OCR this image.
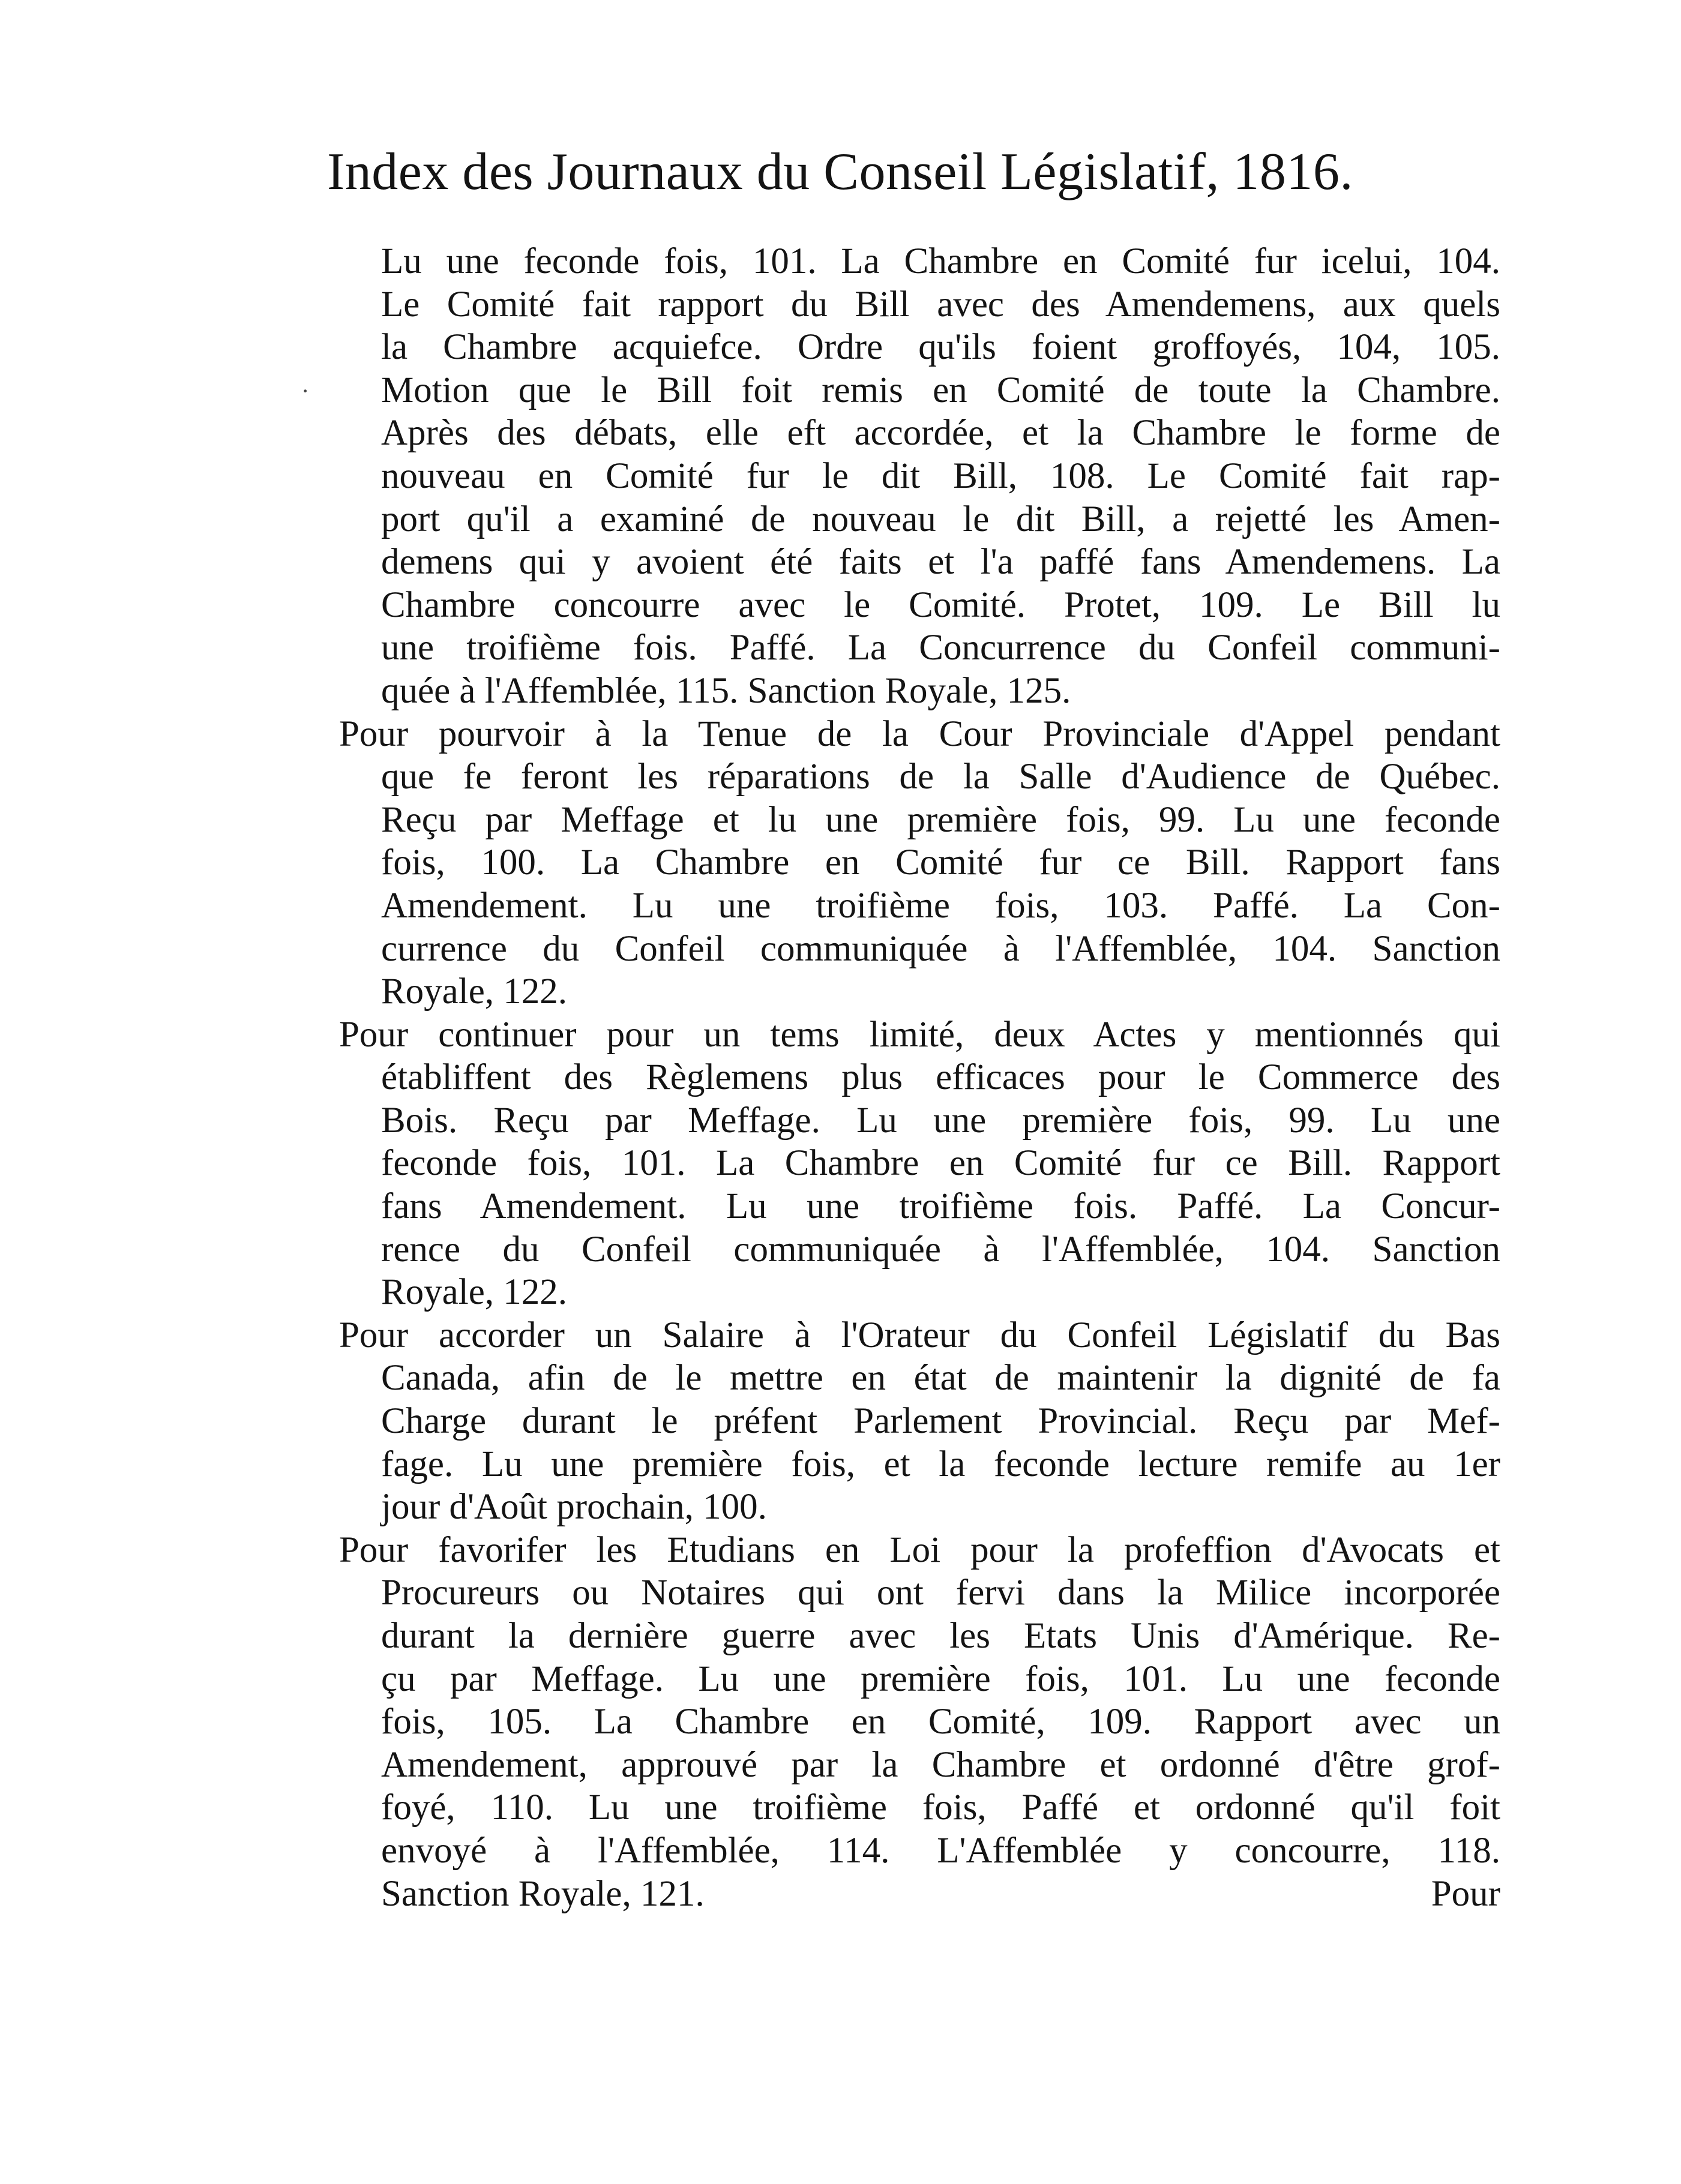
Index des Journaux du Conseil Législatif, 1816.
·
Lu une feconde fois, 101. La Chambre en Comité fur icelui, 104.
Le Comité fait rapport du Bill avec des Amendemens, aux quels
la Chambre acquiefce. Ordre qu'ils foient groffoyés, 104, 105.
Motion que le Bill foit remis en Comité de toute la Chambre.
Après des débats, elle eft accordée, et la Chambre le forme de
nouveau en Comité fur le dit Bill, 108. Le Comité fait rap-
port qu'il a examiné de nouveau le dit Bill, a rejetté les Amen-
demens qui y avoient été faits et l'a paffé fans Amendemens. La
Chambre concourre avec le Comité. Protet, 109. Le Bill lu
une troifième fois. Paffé. La Concurrence du Confeil communi-
quée à l'Affemblée, 115. Sanction Royale, 125.
Pour pourvoir à la Tenue de la Cour Provinciale d'Appel pendant
que fe feront les réparations de la Salle d'Audience de Québec.
Reçu par Meffage et lu une première fois, 99. Lu une feconde
fois, 100. La Chambre en Comité fur ce Bill. Rapport fans
Amendement. Lu une troifième fois, 103. Paffé. La Con-
currence du Confeil communiquée à l'Affemblée, 104. Sanction
Royale, 122.
Pour continuer pour un tems limité, deux Actes y mentionnés qui
établiffent des Règlemens plus efficaces pour le Commerce des
Bois. Reçu par Meffage. Lu une première fois, 99. Lu une
feconde fois, 101. La Chambre en Comité fur ce Bill. Rapport
fans Amendement. Lu une troifième fois. Paffé. La Concur-
rence du Confeil communiquée à l'Affemblée, 104. Sanction
Royale, 122.
Pour accorder un Salaire à l'Orateur du Confeil Législatif du Bas
Canada, afin de le mettre en état de maintenir la dignité de fa
Charge durant le préfent Parlement Provincial. Reçu par Mef-
fage. Lu une première fois, et la feconde lecture remife au 1er
jour d'Août prochain, 100.
Pour favorifer les Etudians en Loi pour la profeffion d'Avocats et
Procureurs ou Notaires qui ont fervi dans la Milice incorporée
durant la dernière guerre avec les Etats Unis d'Amérique. Re-
çu par Meffage. Lu une première fois, 101. Lu une feconde
fois, 105. La Chambre en Comité, 109. Rapport avec un
Amendement, approuvé par la Chambre et ordonné d'être grof-
foyé, 110. Lu une troifième fois, Paffé et ordonné qu'il foit
envoyé à l'Affemblée, 114. L'Affemblée y concourre, 118.
Sanction Royale, 121.	Pour
